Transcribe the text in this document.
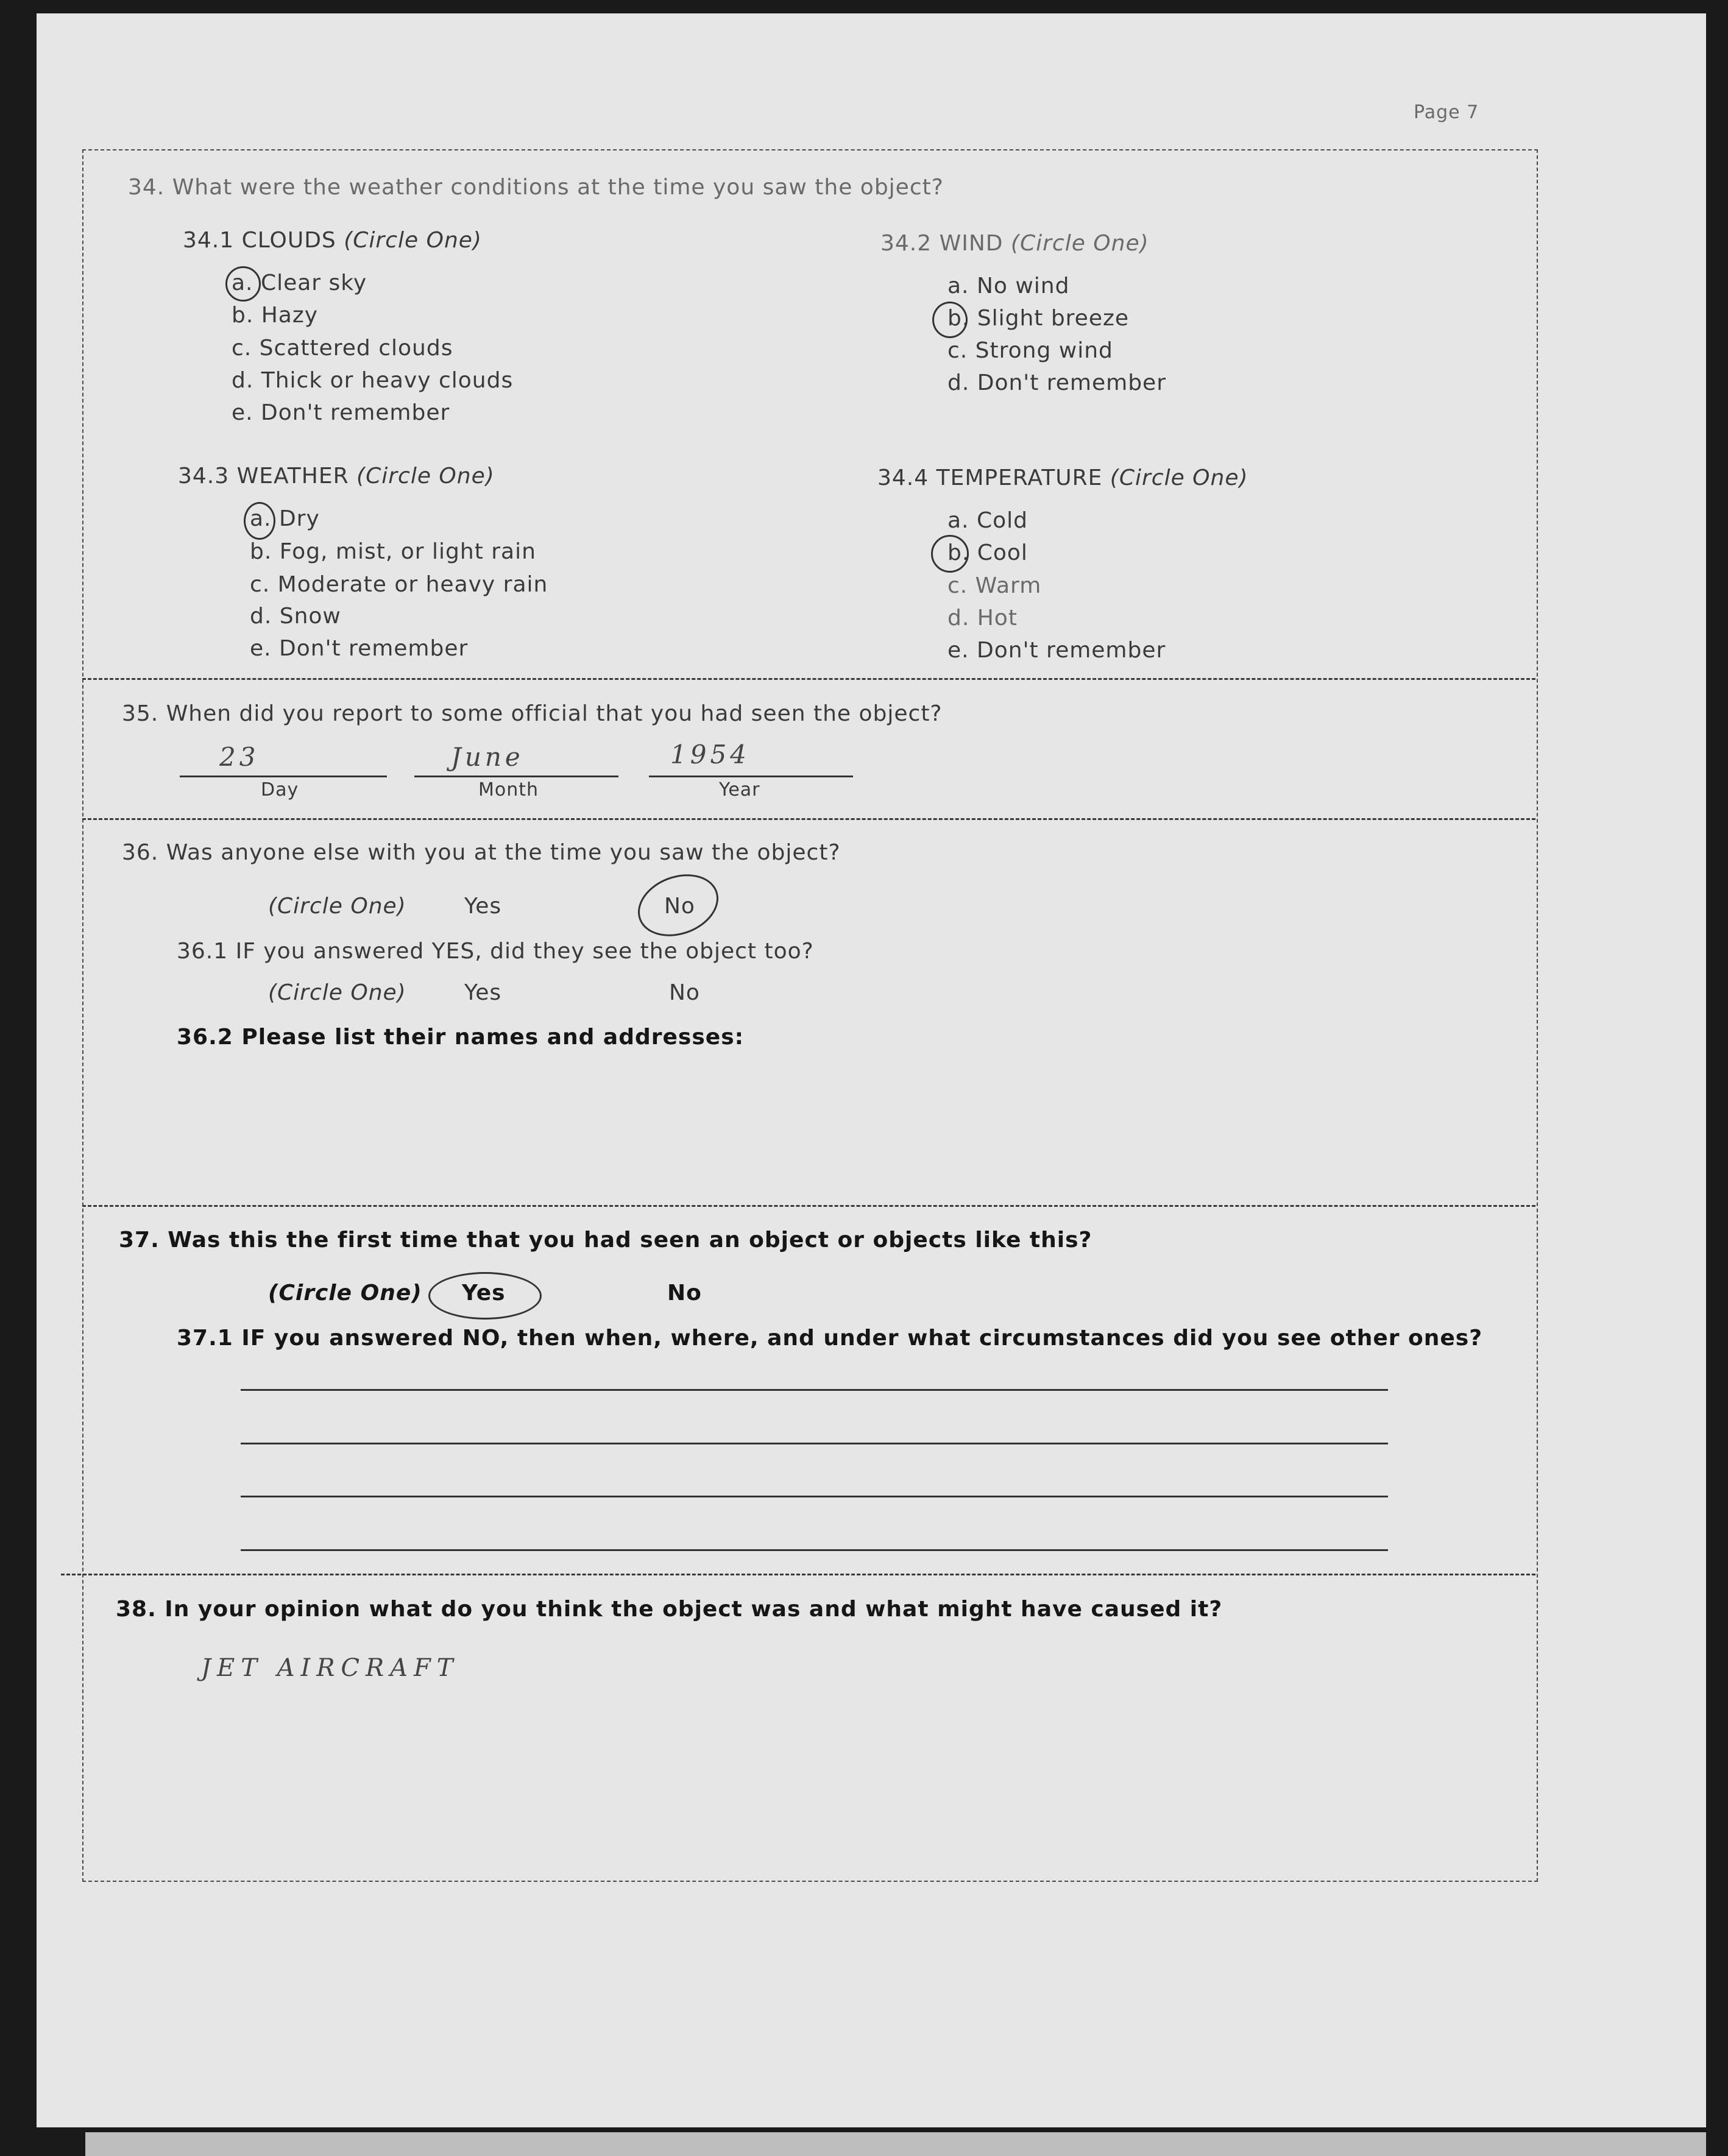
Page 7
34. What were the weather conditions at the time you saw the object?
34.1 CLOUDS (Circle One)
a. Clear sky
b. Hazy
c. Scattered clouds
d. Thick or heavy clouds
e. Don't remember
34.2 WIND (Circle One)
a. No wind
b. Slight breeze
c. Strong wind
d. Don't remember
34.3 WEATHER (Circle One)
a. Dry
b. Fog, mist, or light rain
c. Moderate or heavy rain
d. Snow
e. Don't remember
34.4 TEMPERATURE (Circle One)
a. Cold
b. Cool
c. Warm
d. Hot
e. Don't remember
35. When did you report to some official that you had seen the object?
23	June	1954
Day	Month	Year
36. Was anyone else with you at the time you saw the object?
(Circle One)	Yes	No
36.1 IF you answered YES, did they see the object too?
(Circle One)	Yes	No
36.2 Please list their names and addresses:
37. Was this the first time that you had seen an object or objects like this?
(Circle One) Yes	No
37.1 IF you answered NO, then when, where, and under what circumstances did you see other ones?
38. In your opinion what do you think the object was and what might have caused it?
JET AIRCRAFT
